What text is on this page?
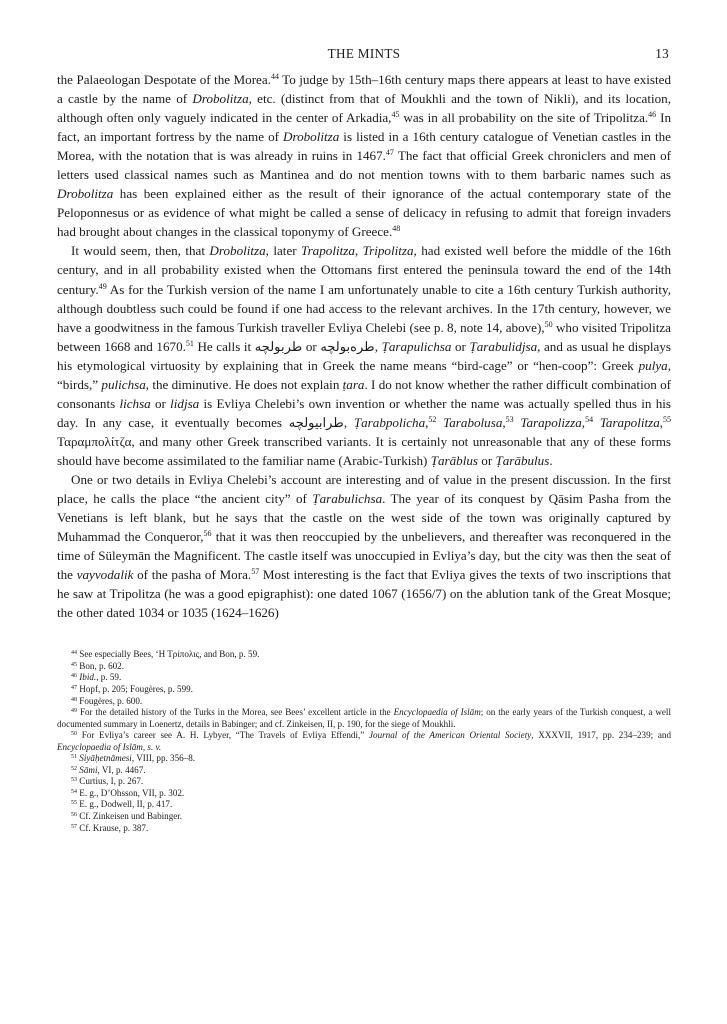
THE MINTS	13

the Palaeologan Despotate of the Morea.$^{44}$ To judge by 15th–16th century maps there appears at least to have existed a castle by the name of Drobolitza, etc. (distinct from that of Moukhli and the town of Nikli), and its location, although often only vaguely indicated in the center of Arkadia,$^{45}$ was in all probability on the site of Tripolitza.$^{46}$ In fact, an important fortress by the name of Drobolitza is listed in a 16th century catalogue of Venetian castles in the Morea, with the notation that is was already in ruins in 1467.47 The fact that official Greek chroniclers and men of letters used classical names such as Mantinea and do not mention towns with to them barbaric names such as Drobolitza has been explained either as the result of their ignorance of the actual contemporary state of the Peloponnesus or as evidence of what might be called a sense of delicacy in refusing to admit that foreign invaders had brought about changes in the classical toponymy of Greece.$^{48}$

It would seem, then, that Drobolitza, later Trapolitza, Tripolitza, had existed well before the middle of the 16th century, and in all probability existed when the Ottomans first entered the peninsula toward the end of the 14th century.$^{49}$ As for the Turkish version of the name I am unfortunately unable to cite a 16th century Turkish authority, although doubtless such could be found if one had access to the relevant archives. In the 17th century, however, we have a goodwitness in the famous Turkish traveller Evliya Chelebi (see p. 8, note 14, above),$^{50}$ who visited Tripolitza between 1668 and 1670.51 He calls it طربولچه or طرەبولچە, Ṭarapulichsa or Ṭarabulidjsa, and as usual he displays his etymological virtuosity by explaining that in Greek the name means “bird-cage” or “hen-coop”: Greek pulya, “birds,” pulichsa, the diminutive. He does not explain ṭara. I do not know whether the rather difficult combination of consonants lichsa or lidjsa is Evliya Chelebi’s own invention or whether the name was actually spelled thus in his day. In any case, it eventually becomes طرابیولچه, Ṭarabpolicha,$^{52}$ Tarabolusa,$^{53}$ Tarapolizza,$^{54}$ Tarapolitza,$^{55}$ Ταραμπολίτζα, and many other Greek transcribed variants. It is certainly not unreasonable that any of these forms should have become assimilated to the familiar name (Arabic-Turkish) Ṭarāblus or Ṭarābulus.

One or two details in Evliya Chelebi’s account are interesting and of value in the present discussion. In the first place, he calls the place “the ancient city” of Ṭarabulichsa. The year of its conquest by Qāsim Pasha from the Venetians is left blank, but he says that the castle on the west side of the town was originally captured by Muhammad the Conqueror,$^{56}$ that it was then reoccupied by the unbelievers, and thereafter was reconquered in the time of Süleymān the Magnificent. The castle itself was unoccupied in Evliya’s day, but the city was then the seat of the vayvodalik of the pasha of Mora.$^{57}$ Most interesting is the fact that Evliya gives the texts of two inscriptions that he saw at Tripolitza (he was a good epigraphist): one dated 1067 (1656/7) on the ablution tank of the Great Mosque; the other dated 1034 or 1035 (1624–1626)

$^{44}$ See especially Bees, ‘Η Τρίπολις, and Bon, p. 59.

$^{45}$ Bon, p. 602.

$^{46}$ Ibid., p. 59.

$^{47}$ Hopf, p. 205; Fougères, p. 599.

$^{48}$ Fougères, p. 600.

$^{49}$ For the detailed history of the Turks in the Morea, see Bees’ excellent article in the Encyclopaedia of Islām; on the early years of the Turkish conquest, a well documented summary in Loenertz, details in Babinger; and cf. Zinkeisen, II, p. 190, for the siege of Moukhli.

$^{50}$ For Evliya’s career see A. H. Lybyer, “The Travels of Evliya Effendi,” Journal of the American Oriental Society, XXXVII, 1917, pp. 234–239; and Encyclopaedia of Islām, s. v.

$^{51}$ Siyāḥetnāmesi, VIII, pp. 356–8.

$^{52}$ Sāmi, VI, p. 4467.

$^{53}$ Curtius, I, p. 267.

$^{54}$ E. g., D’Ohsson, VII, p. 302.

$^{55}$ E. g., Dodwell, II, p. 417.

$^{56}$ Cf. Zinkeisen und Babinger.

$^{57}$ Cf. Krause, p. 387.
